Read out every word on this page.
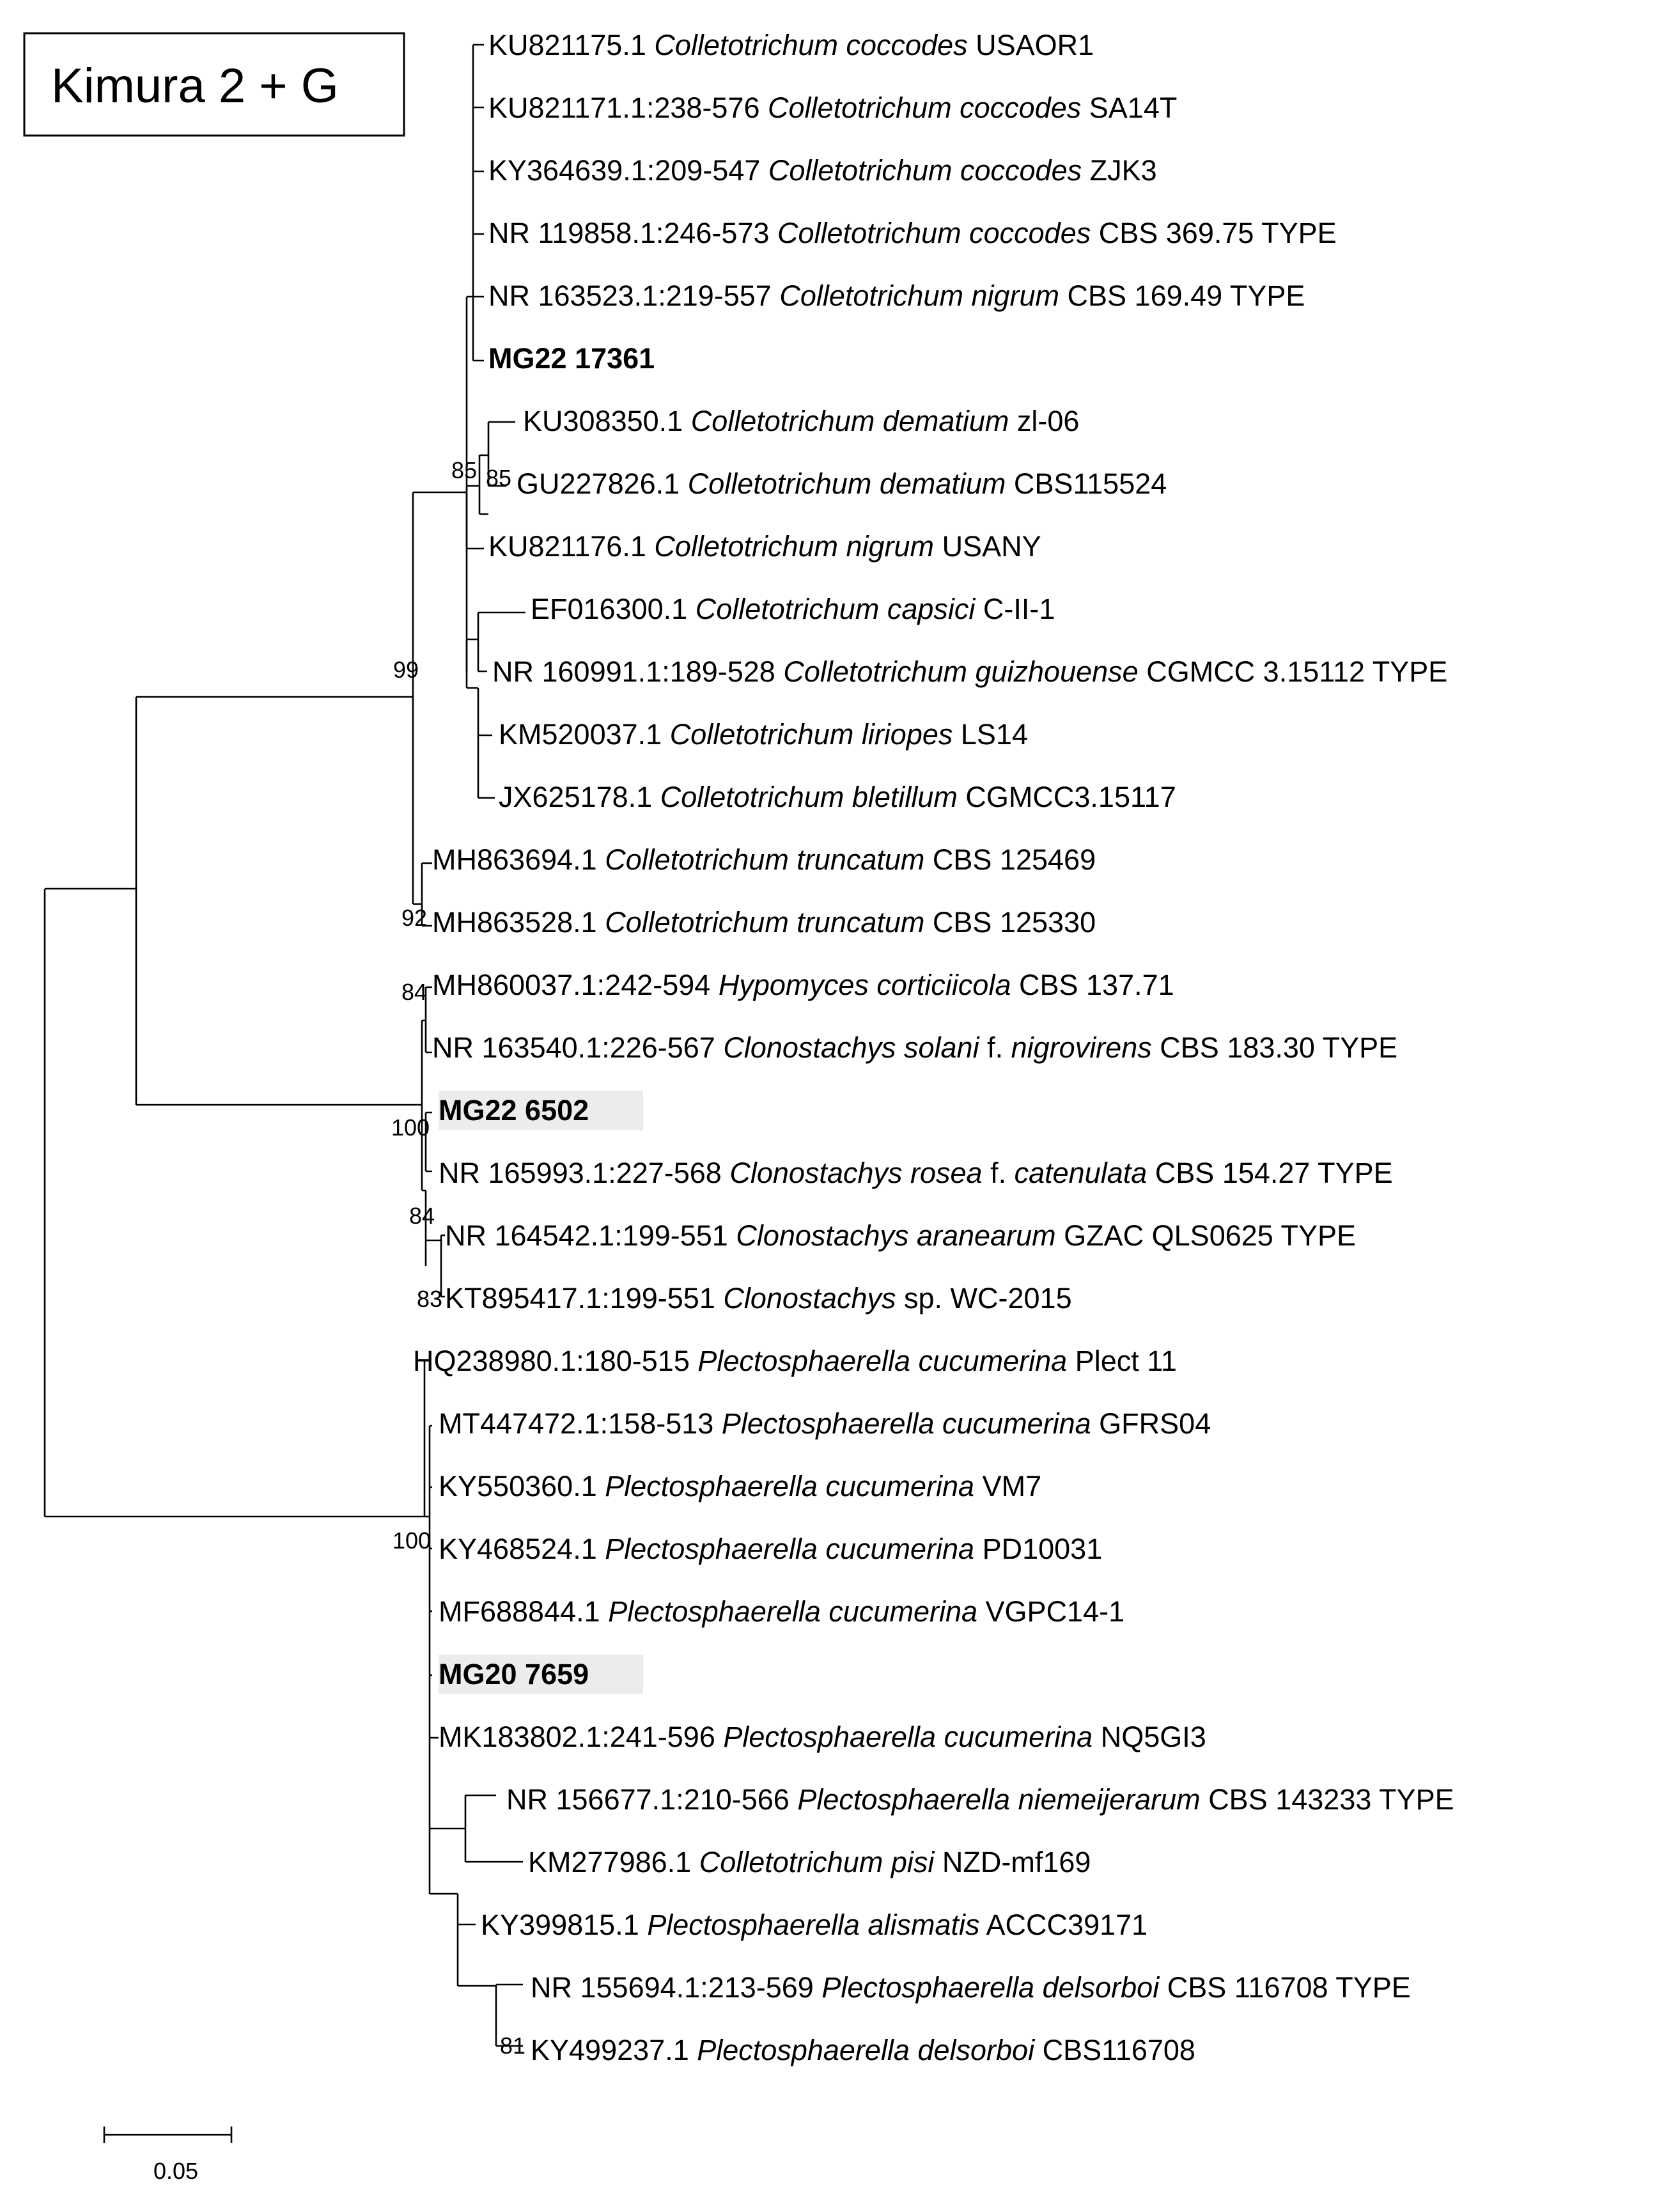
Kimura 2 + G
85 85
99
92
84
100
84
83
100
81
KU821175.1 Colletotrichum coccodes USAOR1
KU821171.1:238-576 Colletotrichum coccodes SA14T
KY364639.1:209-547 Colletotrichum coccodes ZJK3
NR 119858.1:246-573 Colletotrichum coccodes CBS 369.75 TYPE
NR 163523.1:219-557 Colletotrichum nigrum CBS 169.49 TYPE
MG22 17361
KU308350.1 Colletotrichum dematium zl-06
GU227826.1 Colletotrichum dematium CBS115524
KU821176.1 Colletotrichum nigrum USANY
EF016300.1 Colletotrichum capsici C-II-1
NR 160991.1:189-528 Colletotrichum guizhouense CGMCC 3.15112 TYPE
KM520037.1 Colletotrichum liriopes LS14
JX625178.1 Colletotrichum bletillum CGMCC3.15117
MH863694.1 Colletotrichum truncatum CBS 125469
MH863528.1 Colletotrichum truncatum CBS 125330
MH860037.1:242-594 Hypomyces corticiicola CBS 137.71
NR 163540.1:226-567 Clonostachys solani f. nigrovirens CBS 183.30 TYPE
MG22 6502
NR 165993.1:227-568 Clonostachys rosea f. catenulata CBS 154.27 TYPE
NR 164542.1:199-551 Clonostachys aranearum GZAC QLS0625 TYPE
KT895417.1:199-551 Clonostachys sp. WC-2015
HQ238980.1:180-515 Plectosphaerella cucumerina Plect 11
MT447472.1:158-513 Plectosphaerella cucumerina GFRS04
KY550360.1 Plectosphaerella cucumerina VM7
KY468524.1 Plectosphaerella cucumerina PD10031
MF688844.1 Plectosphaerella cucumerina VGPC14-1
MG20 7659
MK183802.1:241-596 Plectosphaerella cucumerina NQ5GI3
NR 156677.1:210-566 Plectosphaerella niemeijerarum CBS 143233 TYPE
KM277986.1 Colletotrichum pisi NZD-mf169
KY399815.1 Plectosphaerella alismatis ACCC39171
NR 155694.1:213-569 Plectosphaerella delsorboi CBS 116708 TYPE
KY499237.1 Plectosphaerella delsorboi CBS116708
0.05
